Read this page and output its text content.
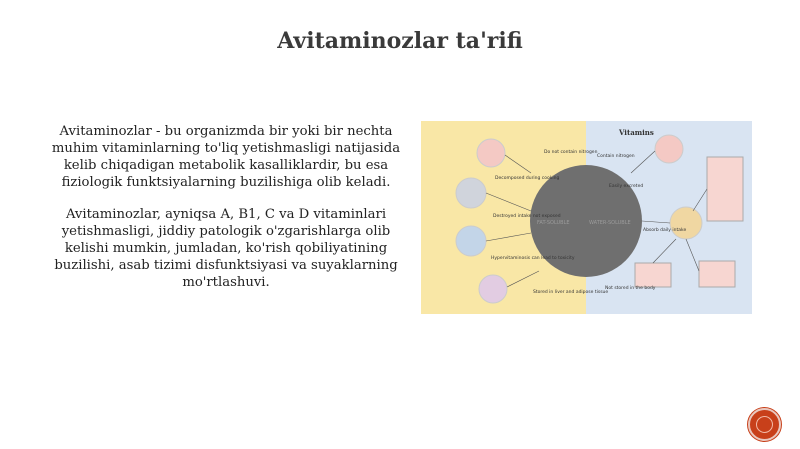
Avitaminozlar ta'rifi

Avitaminozlar - bu organizmda bir yoki bir nechta muhim vitaminlarning to'liq yetishmasligi natijasida kelib chiqadigan metabolik kasalliklardir, bu esa fiziologik funktsiyalarning buzilishiga olib keladi.

Avitaminozlar, ayniqsa A, B1, C va D vitaminlari yetishmasligi, jiddiy patologik o'zgarishlarga olib kelishi mumkin, jumladan, ko'rish qobiliyatining buzilishi, asab tizimi disfunktsiyasi va suyaklarning mo'rtlashuvi.

Vitamins
FAT-SOLUBLE	WATER-SOLUBLE
Do not contain nitrogen
Decomposed during cooking
Destroyed intake not exposed
Hypervitaminosis can lead to toxicity
Stored in liver and adipose tissue
Contain nitrogen
Easily excreted
Absorb daily intake
Not stored in the body
